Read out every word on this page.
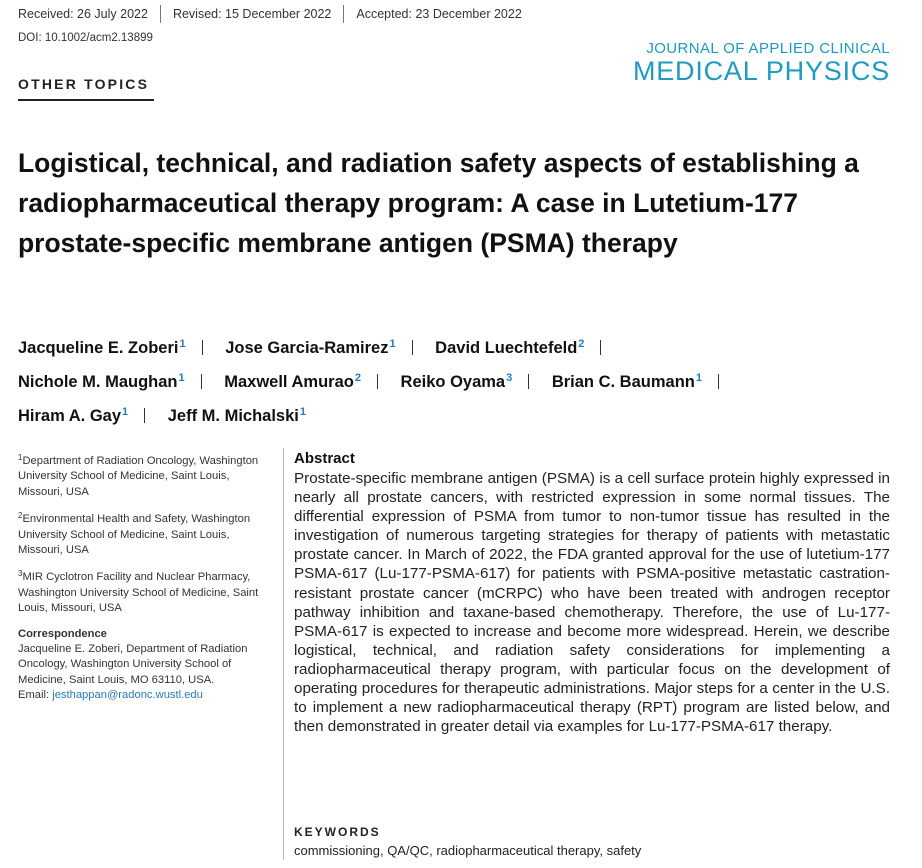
Received: 26 July 2022 Revised: 15 December 2022 Accepted: 23 December 2022
DOI: 10.1002/acm2.13899
OTHER TOPICS
JOURNAL OF APPLIED CLINICAL
MEDICAL PHYSICS
Logistical, technical, and radiation safety aspects of establishing a radiopharmaceutical therapy program: A case in Lutetium-177 prostate-specific membrane antigen (PSMA) therapy
Jacqueline E. Zoberi$^1$ Jose Garcia-Ramirez$^1$ David Luechtefeld$^2$
Nichole M. Maughan$^1$ Maxwell Amurao$^2$ Reiko Oyama$^3$ Brian C. Baumann$^1$
Hiram A. Gay$^1$ Jeff M. Michalski$^1$
$^1$Department of Radiation Oncology, Washington University School of Medicine, Saint Louis, Missouri, USA
$^2$Environmental Health and Safety, Washington University School of Medicine, Saint Louis, Missouri, USA
$^3$MIR Cyclotron Facility and Nuclear Pharmacy, Washington University School of Medicine, Saint Louis, Missouri, USA
Correspondence
Jacqueline E. Zoberi, Department of Radiation Oncology, Washington University School of Medicine, Saint Louis, MO 63110, USA.
Email: jesthappan@radonc.wustl.edu
Abstract

Prostate-specific membrane antigen (PSMA) is a cell surface protein highly expressed in nearly all prostate cancers, with restricted expression in some normal tissues. The differential expression of PSMA from tumor to non-tumor tissue has resulted in the investigation of numerous targeting strategies for therapy of patients with metastatic prostate cancer. In March of 2022, the FDA granted approval for the use of lutetium-177 PSMA-617 (Lu-177-PSMA-617) for patients with PSMA-positive metastatic castration-resistant prostate cancer (mCRPC) who have been treated with androgen receptor pathway inhibition and taxane-based chemotherapy. Therefore, the use of Lu-177-PSMA-617 is expected to increase and become more widespread. Herein, we describe logistical, technical, and radiation safety considerations for implementing a radiopharmaceutical therapy program, with particular focus on the development of operating procedures for therapeutic administrations. Major steps for a center in the U.S. to implement a new radiopharmaceutical therapy (RPT) program are listed below, and then demonstrated in greater detail via examples for Lu-177-PSMA-617 therapy.

KEYWORDS
commissioning, QA/QC, radiopharmaceutical therapy, safety
